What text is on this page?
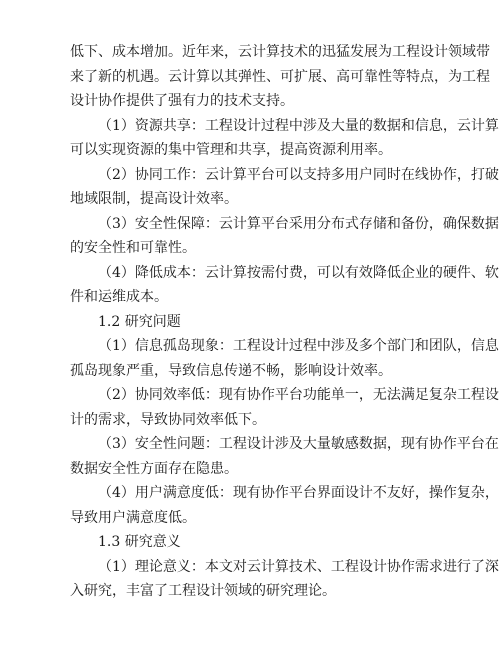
低下、成本增加。近年来，云计算技术的迅猛发展为工程设计领域带
来了新的机遇。云计算以其弹性、可扩展、高可靠性等特点，为工程
设计协作提供了强有力的技术支持。
（1）资源共享：工程设计过程中涉及大量的数据和信息，云计算
可以实现资源的集中管理和共享，提高资源利用率。
（2）协同工作：云计算平台可以支持多用户同时在线协作，打破
地域限制，提高设计效率。
（3）安全性保障：云计算平台采用分布式存储和备份，确保数据
的安全性和可靠性。
（4）降低成本：云计算按需付费，可以有效降低企业的硬件、软
件和运维成本。
1.2 研究问题
（1）信息孤岛现象：工程设计过程中涉及多个部门和团队，信息
孤岛现象严重，导致信息传递不畅，影响设计效率。
（2）协同效率低：现有协作平台功能单一，无法满足复杂工程设
计的需求，导致协同效率低下。
（3）安全性问题：工程设计涉及大量敏感数据，现有协作平台在
数据安全性方面存在隐患。
（4）用户满意度低：现有协作平台界面设计不友好，操作复杂，
导致用户满意度低。
1.3 研究意义
（1）理论意义：本文对云计算技术、工程设计协作需求进行了深
入研究，丰富了工程设计领域的研究理论。
